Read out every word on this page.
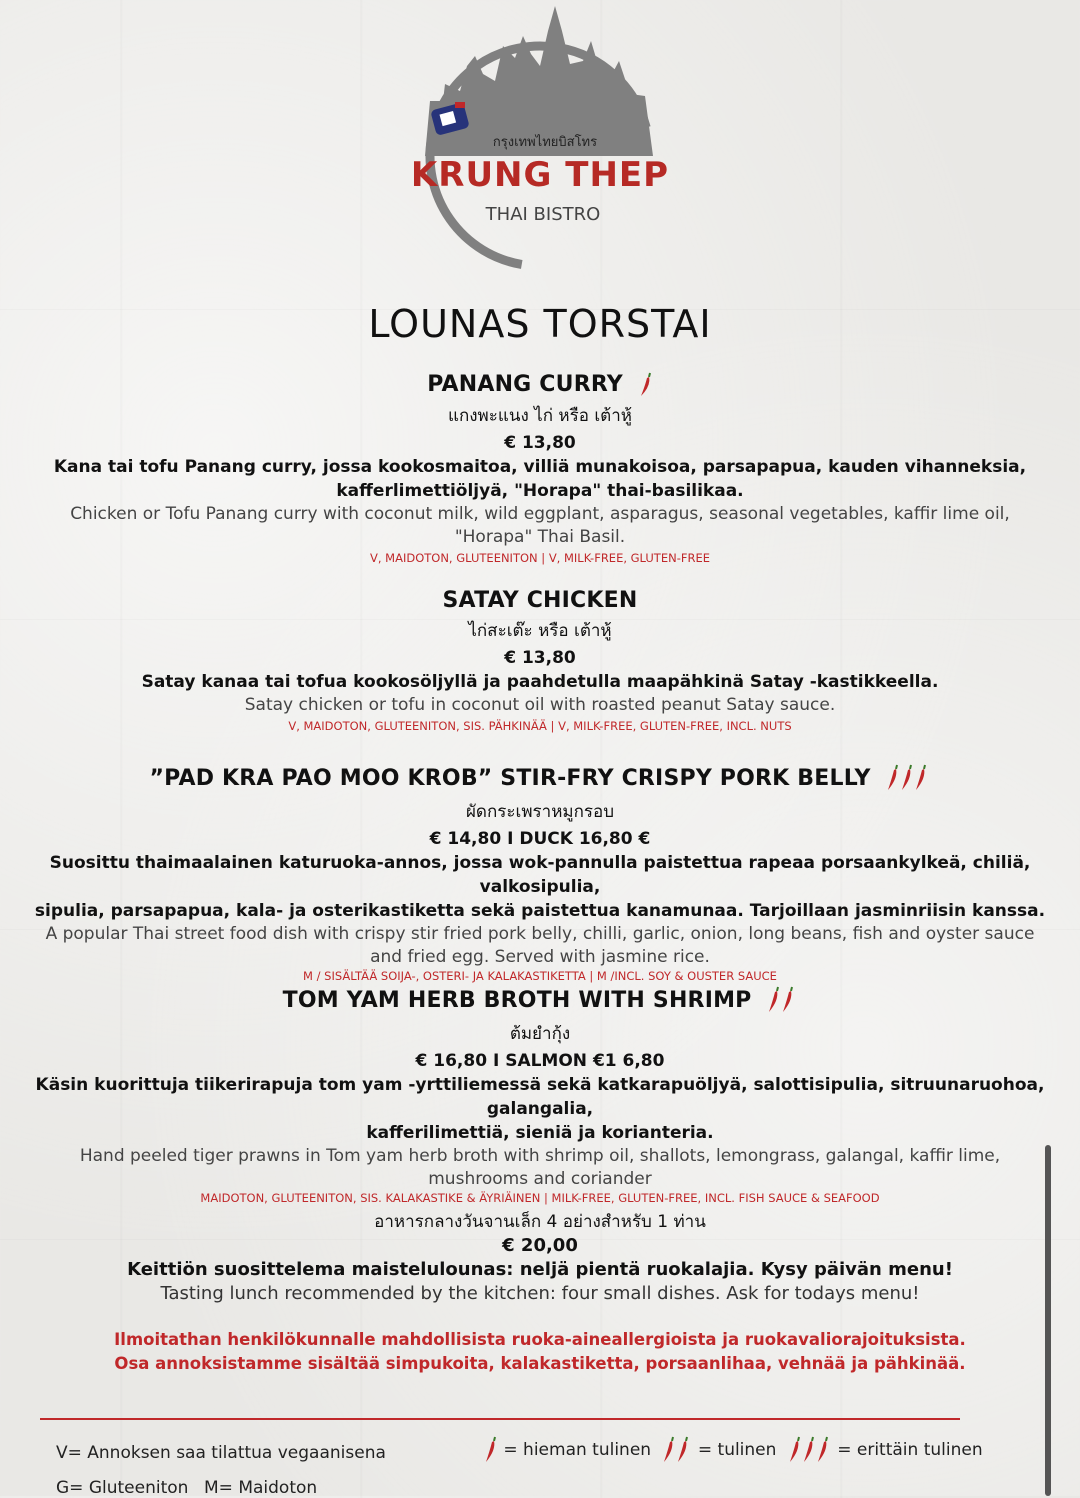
กรุงเทพไทยบิสโทร
KRUNG THEP
THAI BISTRO
LOUNAS TORSTAI
PANANG CURRY
แกงพะแนง ไก่ หรือ เต้าหู้
€ 13,80
Kana tai tofu Panang curry, jossa kookosmaitoa, villiä munakoisoa, parsapapua, kauden vihanneksia,
kafferlimettiöljyä, "Horapa" thai-basilikaa.
Chicken or Tofu Panang curry with coconut milk, wild eggplant, asparagus, seasonal vegetables, kaffir lime oil,
"Horapa" Thai Basil.
V, MAIDOTON, GLUTEENITON | V, MILK-FREE, GLUTEN-FREE
SATAY CHICKEN
ไก่สะเต๊ะ หรือ เต้าหู้
€ 13,80
Satay kanaa tai tofua kookosöljyllä ja paahdetulla maapähkinä Satay -kastikkeella.
Satay chicken or tofu in coconut oil with roasted peanut Satay sauce.
V, MAIDOTON, GLUTEENITON, SIS. PÄHKINÄÄ | V, MILK-FREE, GLUTEN-FREE, INCL. NUTS
”PAD KRA PAO MOO KROB” STIR-FRY CRISPY PORK BELLY
ผัดกระเพราหมูกรอบ
€ 14,80 I DUCK 16,80 €
Suosittu thaimaalainen katuruoka-annos, jossa wok-pannulla paistettua rapeaa porsaankylkeä, chiliä, valkosipulia,
sipulia, parsapapua, kala- ja osterikastiketta sekä paistettua kanamunaa. Tarjoillaan jasminriisin kanssa.
A popular Thai street food dish with crispy stir fried pork belly, chilli, garlic, onion, long beans, fish and oyster sauce
and fried egg. Served with jasmine rice.
M / SISÄLTÄÄ SOIJA-, OSTERI- JA KALAKASTIKETTA | M /INCL. SOY & OUSTER SAUCE
TOM YAM HERB BROTH WITH SHRIMP
ต้มยำกุ้ง
€ 16,80 I SALMON €1 6,80
Käsin kuorittuja tiikerirapuja tom yam -yrttiliemessä sekä katkarapuöljyä, salottisipulia, sitruunaruohoa, galangalia,
kafferilimettiä, sieniä ja korianteria.
Hand peeled tiger prawns in Tom yam herb broth with shrimp oil, shallots, lemongrass, galangal, kaffir lime,
mushrooms and coriander
MAIDOTON, GLUTEENITON, SIS. KALAKASTIKE & ÄYRIÄINEN | MILK-FREE, GLUTEN-FREE, INCL. FISH SAUCE & SEAFOOD
อาหารกลางวันจานเล็ก 4 อย่างสำหรับ 1 ท่าน
€ 20,00
Keittiön suosittelema maistelulounas: neljä pientä ruokalajia. Kysy päivän menu!
Tasting lunch recommended by the kitchen: four small dishes. Ask for todays menu!
Ilmoitathan henkilökunnalle mahdollisista ruoka-aineallergioista ja ruokavaliorajoituksista.
Osa annoksistamme sisältää simpukoita, kalakastiketta, porsaanlihaa, vehnää ja pähkinää.
V= Annoksen saa tilattua vegaanisena
G= Gluteeniton M= Maidoton
= hieman tulinen	= tulinen	= erittäin tulinen
